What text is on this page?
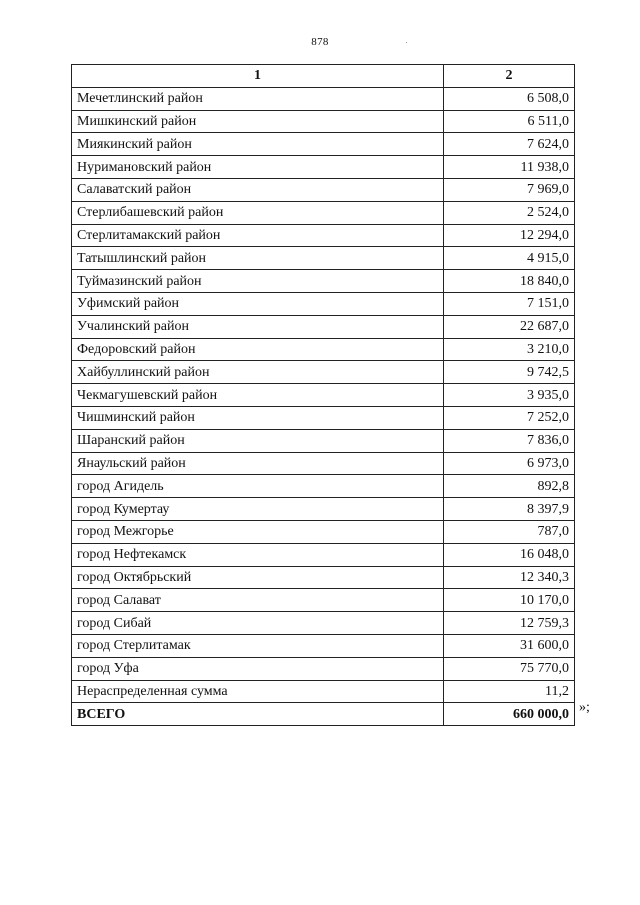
878
1	2
Мечетлинский район	6 508,0
Мишкинский район	6 511,0
Миякинский район	7 624,0
Нуримановский район	11 938,0
Салаватский район	7 969,0
Стерлибашевский район	2 524,0
Стерлитамакский район	12 294,0
Татышлинский район	4 915,0
Туймазинский район	18 840,0
Уфимский район	7 151,0
Учалинский район	22 687,0
Федоровский район	3 210,0
Хайбуллинский район	9 742,5
Чекмагушевский район	3 935,0
Чишминский район	7 252,0
Шаранский район	7 836,0
Янаульский район	6 973,0
город Агидель	892,8
город Кумертау	8 397,9
город Межгорье	787,0
город Нефтекамск	16 048,0
город Октябрьский	12 340,3
город Салават	10 170,0
город Сибай	12 759,3
город Стерлитамак	31 600,0
город Уфа	75 770,0
Нераспределенная сумма	11,2
ВСЕГО	660 000,0 »;
